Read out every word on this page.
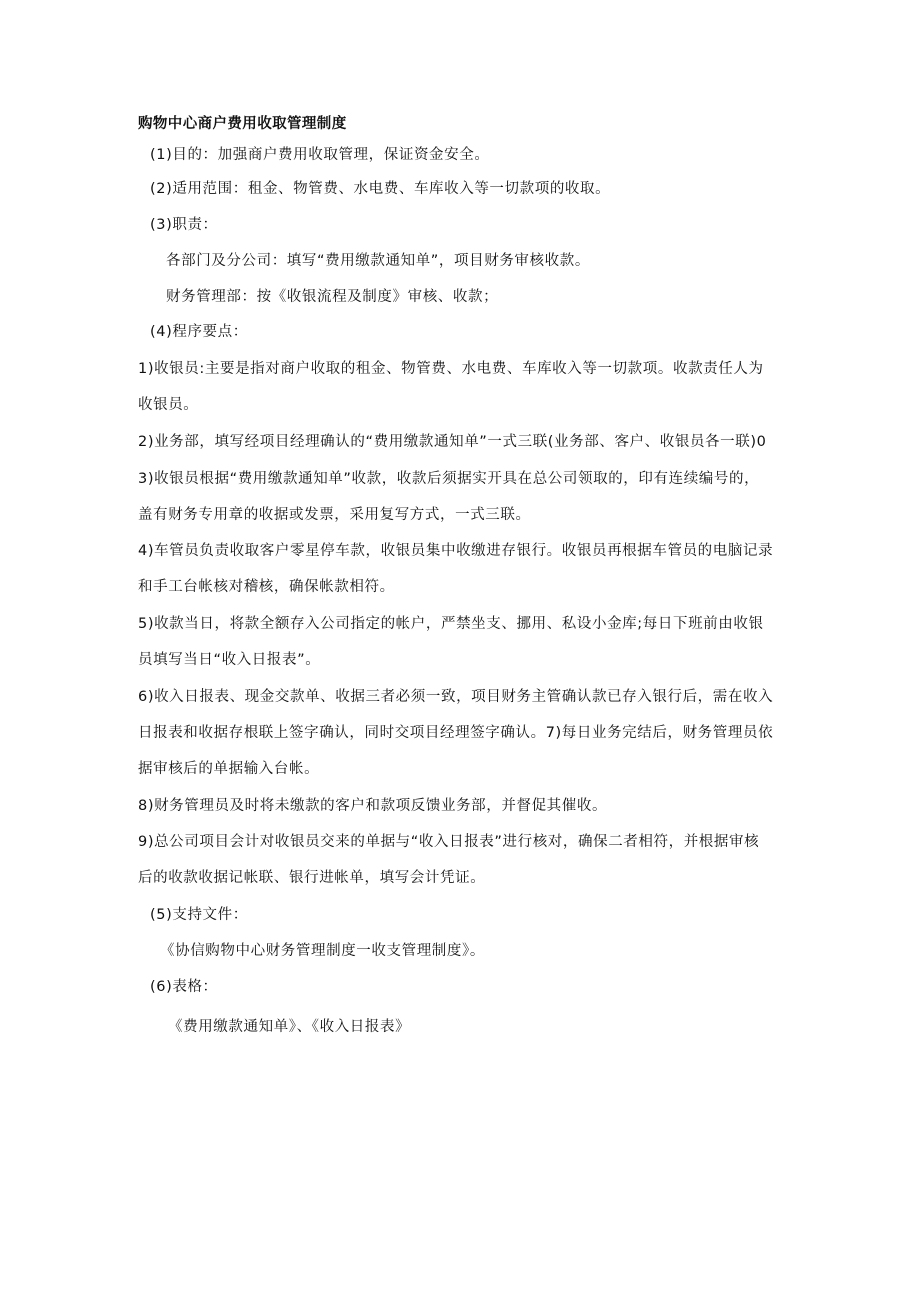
购物中心商户费用收取管理制度
(1)目的：加强商户费用收取管理，保证资金安全。
(2)适用范围：租金、物管费、水电费、车库收入等一切款项的收取。
(3)职责：
各部门及分公司：填写“费用缴款通知单”，项目财务审核收款。
财务管理部：按《收银流程及制度》审核、收款；
(4)程序要点：
1)收银员:主要是指对商户收取的租金、物管费、水电费、车库收入等一切款项。收款责任人为
收银员。
2)业务部，填写经项目经理确认的“费用缴款通知单”一式三联(业务部、客户、收银员各一联)0
3)收银员根据“费用缴款通知单”收款，收款后须据实开具在总公司领取的，印有连续编号的，
盖有财务专用章的收据或发票，采用复写方式，一式三联。
4)车管员负责收取客户零星停车款，收银员集中收缴进存银行。收银员再根据车管员的电脑记录
和手工台帐核对稽核，确保帐款相符。
5)收款当日，将款全额存入公司指定的帐户，严禁坐支、挪用、私设小金库;每日下班前由收银
员填写当日“收入日报表”。
6)收入日报表、现金交款单、收据三者必须一致，项目财务主管确认款已存入银行后，需在收入
日报表和收据存根联上签字确认，同时交项目经理签字确认。7)每日业务完结后，财务管理员依
据审核后的单据输入台帐。
8)财务管理员及时将未缴款的客户和款项反馈业务部，并督促其催收。
9)总公司项目会计对收银员交来的单据与“收入日报表”进行核对，确保二者相符，并根据审核
后的收款收据记帐联、银行进帐单，填写会计凭证。
(5)支持文件：
《协信购物中心财务管理制度一收支管理制度》。
(6)表格：
《费用缴款通知单》、《收入日报表》
